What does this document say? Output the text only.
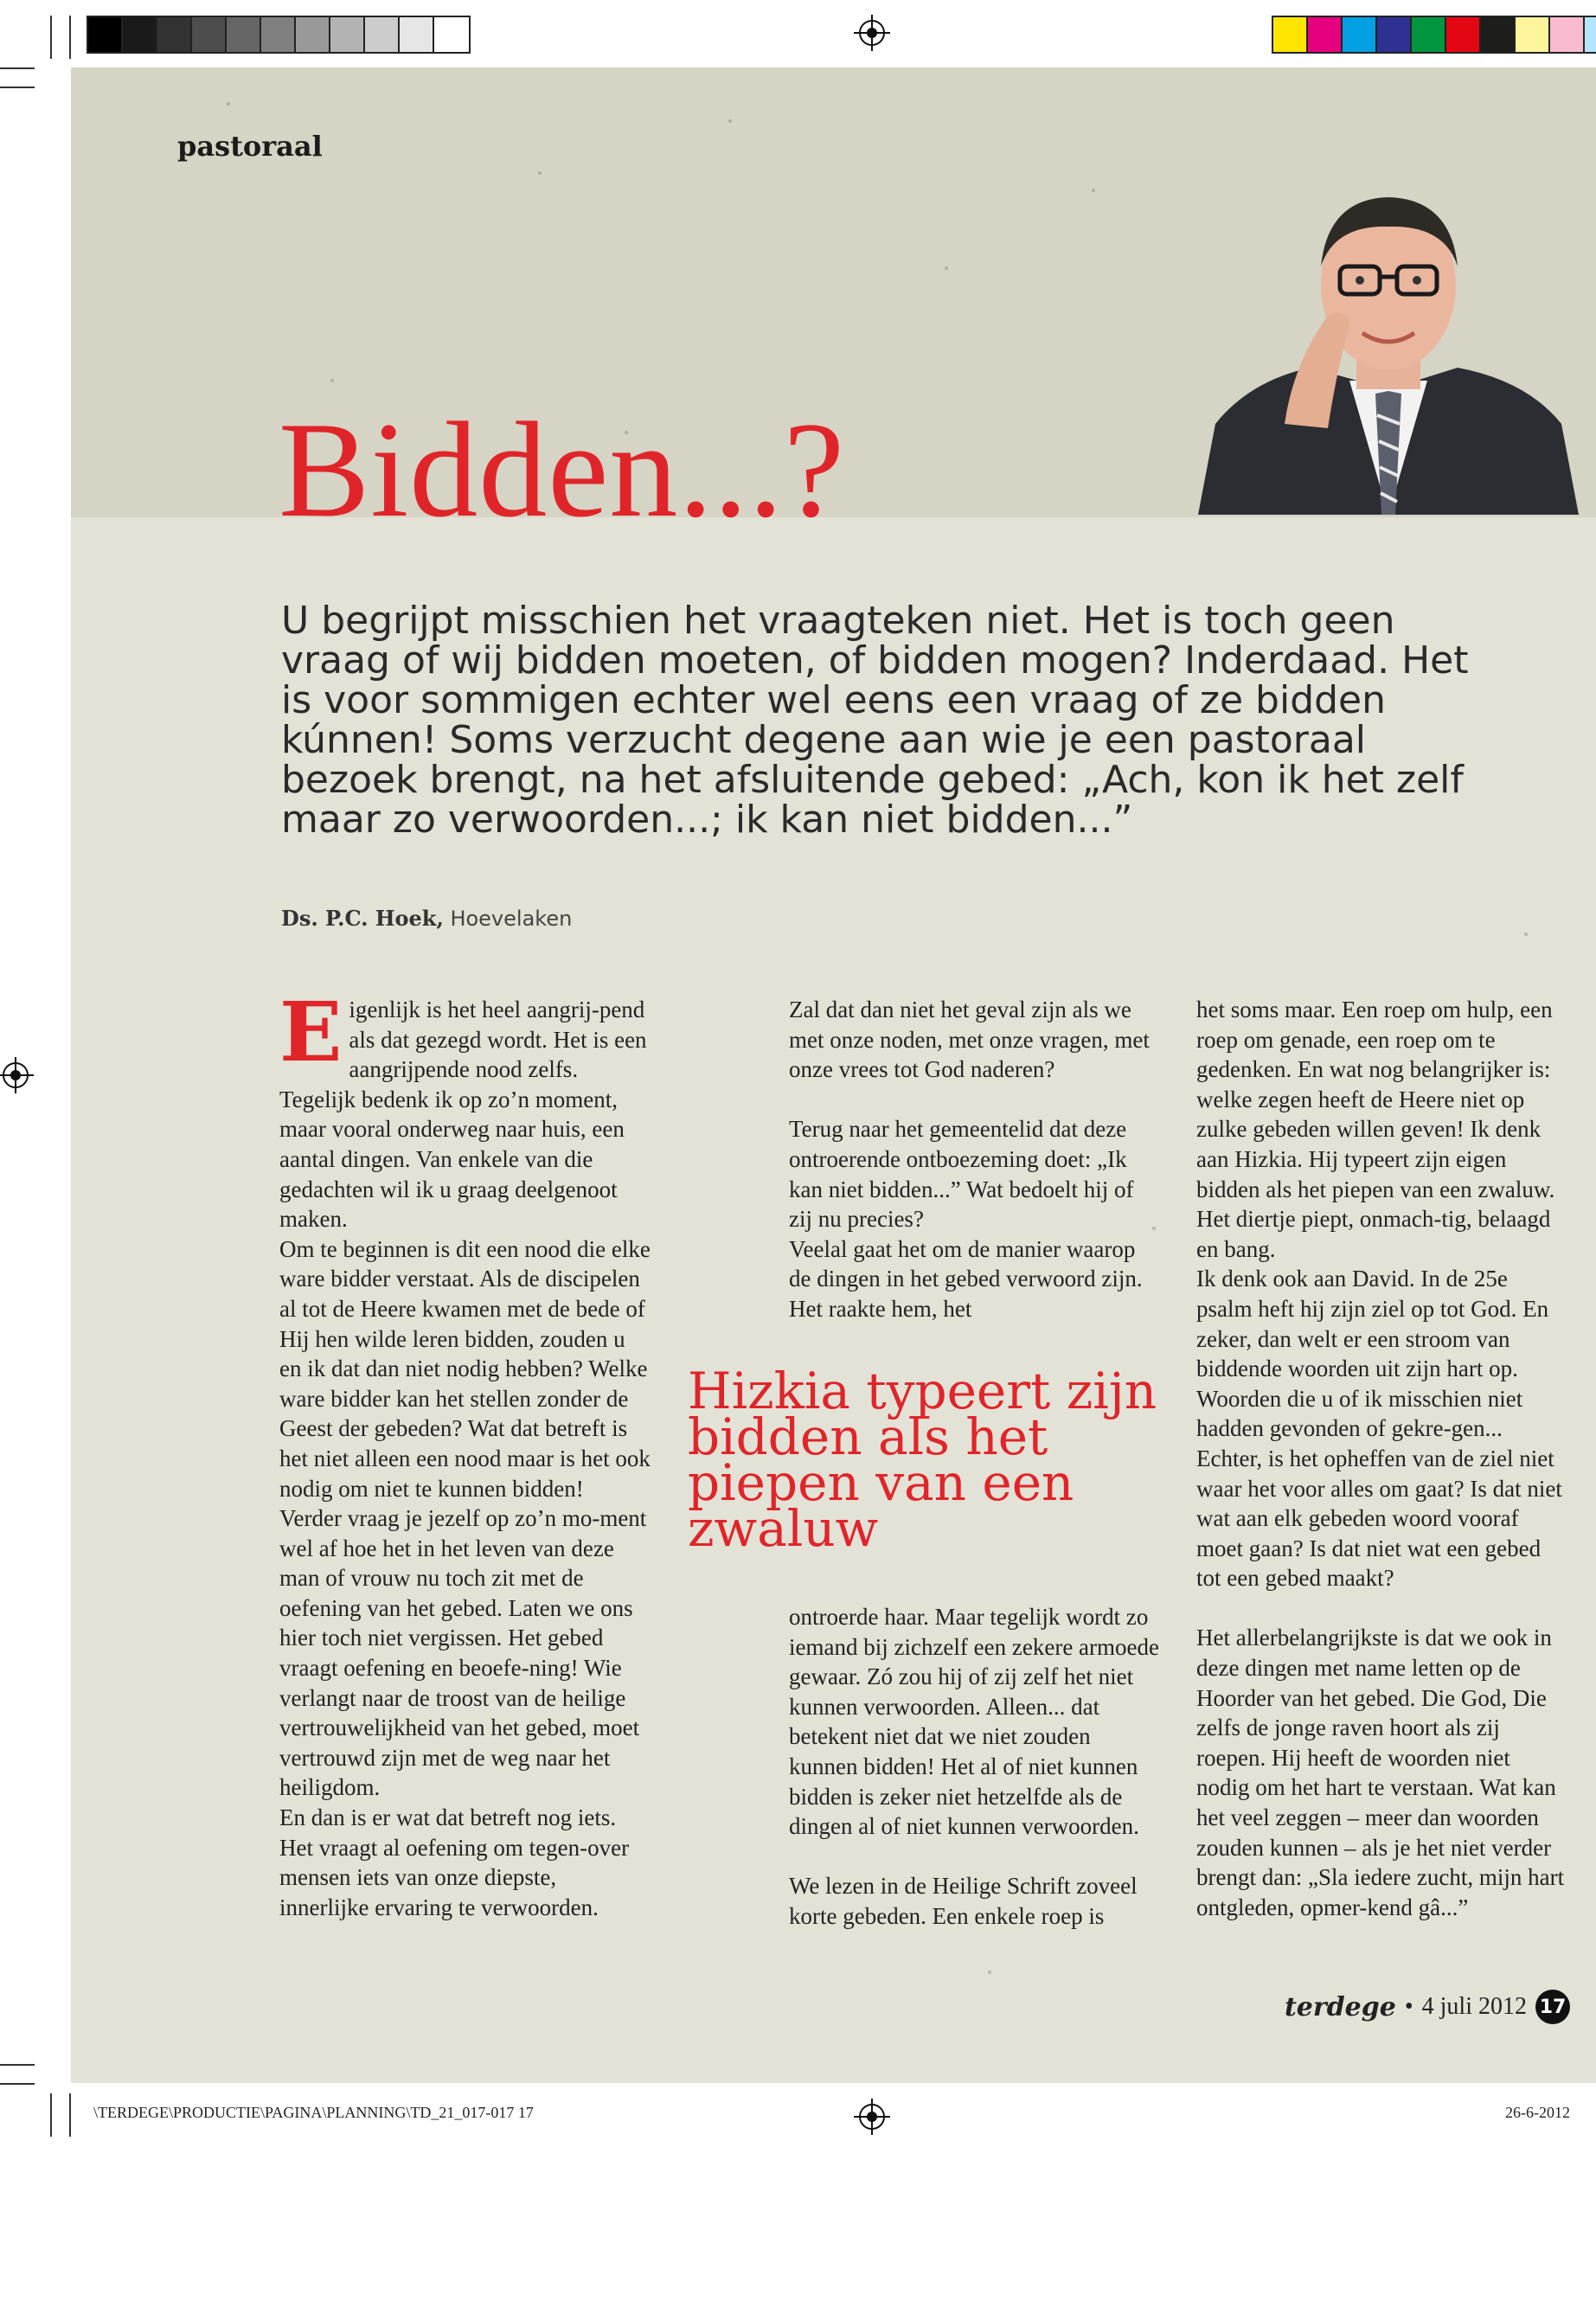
pastoraal
Bidden...?
U begrijpt misschien het vraagteken niet. Het is toch geen vraag of wij bidden moeten, of bidden mogen? Inderdaad. Het is voor sommigen echter wel eens een vraag of ze bidden kúnnen! Soms verzucht degene aan wie je een pastoraal bezoek brengt, na het afsluitende gebed: „Ach, kon ik het zelf maar zo verwoorden...; ik kan niet bidden...”
Ds. P.C. Hoek, Hoevelaken

Eigenlijk is het heel aangrij-pend als dat gezegd wordt. Het is een aangrijpende nood zelfs. Tegelijk bedenk ik op zo’n moment, maar vooral onderweg naar huis, een aantal dingen. Van enkele van die gedachten wil ik u graag deelgenoot maken.

Om te beginnen is dit een nood die elke ware bidder verstaat. Als de discipelen al tot de Heere kwamen met de bede of Hij hen wilde leren bidden, zouden u en ik dat dan niet nodig hebben? Welke ware bidder kan het stellen zonder de Geest der gebeden? Wat dat betreft is het niet alleen een nood maar is het ook nodig om niet te kunnen bidden!

Verder vraag je jezelf op zo’n mo-ment wel af hoe het in het leven van deze man of vrouw nu toch zit met de oefening van het gebed. Laten we ons hier toch niet vergissen. Het gebed vraagt oefening en beoefe-ning! Wie verlangt naar de troost van de heilige vertrouwelijkheid van het gebed, moet vertrouwd zijn met de weg naar het heiligdom.

En dan is er wat dat betreft nog iets. Het vraagt al oefening om tegen-over mensen iets van onze diepste, innerlijke ervaring te verwoorden.

Zal dat dan niet het geval zijn als we met onze noden, met onze vragen, met onze vrees tot God naderen?

Terug naar het gemeentelid dat deze ontroerende ontboezeming doet: „Ik kan niet bidden...” Wat bedoelt hij of zij nu precies?

Veelal gaat het om de manier waarop de dingen in het gebed verwoord zijn. Het raakte hem, het

Hizkia typeert zijn bidden als het piepen van een zwaluw

ontroerde haar. Maar tegelijk wordt zo iemand bij zichzelf een zekere armoede gewaar. Zó zou hij of zij zelf het niet kunnen verwoorden. Alleen... dat betekent niet dat we niet zouden kunnen bidden! Het al of niet kunnen bidden is zeker niet hetzelfde als de dingen al of niet kunnen verwoorden.

We lezen in de Heilige Schrift zoveel korte gebeden. Een enkele roep is

het soms maar. Een roep om hulp, een roep om genade, een roep om te gedenken. En wat nog belangrijker is: welke zegen heeft de Heere niet op zulke gebeden willen geven! Ik denk aan Hizkia. Hij typeert zijn eigen bidden als het piepen van een zwaluw. Het diertje piept, onmach-tig, belaagd en bang.

Ik denk ook aan David. In de 25e psalm heft hij zijn ziel op tot God. En zeker, dan welt er een stroom van biddende woorden uit zijn hart op. Woorden die u of ik misschien niet hadden gevonden of gekre-gen... Echter, is het opheffen van de ziel niet waar het voor alles om gaat? Is dat niet wat aan elk gebeden woord vooraf moet gaan? Is dat niet wat een gebed tot een gebed maakt?

Het allerbelangrijkste is dat we ook in deze dingen met name letten op de Hoorder van het gebed. Die God, Die zelfs de jonge raven hoort als zij roepen. Hij heeft de woorden niet nodig om het hart te verstaan. Wat kan het veel zeggen – meer dan woorden zouden kunnen – als je het niet verder brengt dan: „Sla iedere zucht, mijn hart ontgleden, opmer-kend gâ...”

terdege • 4 juli 2012 17
\TERDEGE\PRODUCTIE\PAGINA\PLANNING\TD_21_017-017 17	26-6-2012
